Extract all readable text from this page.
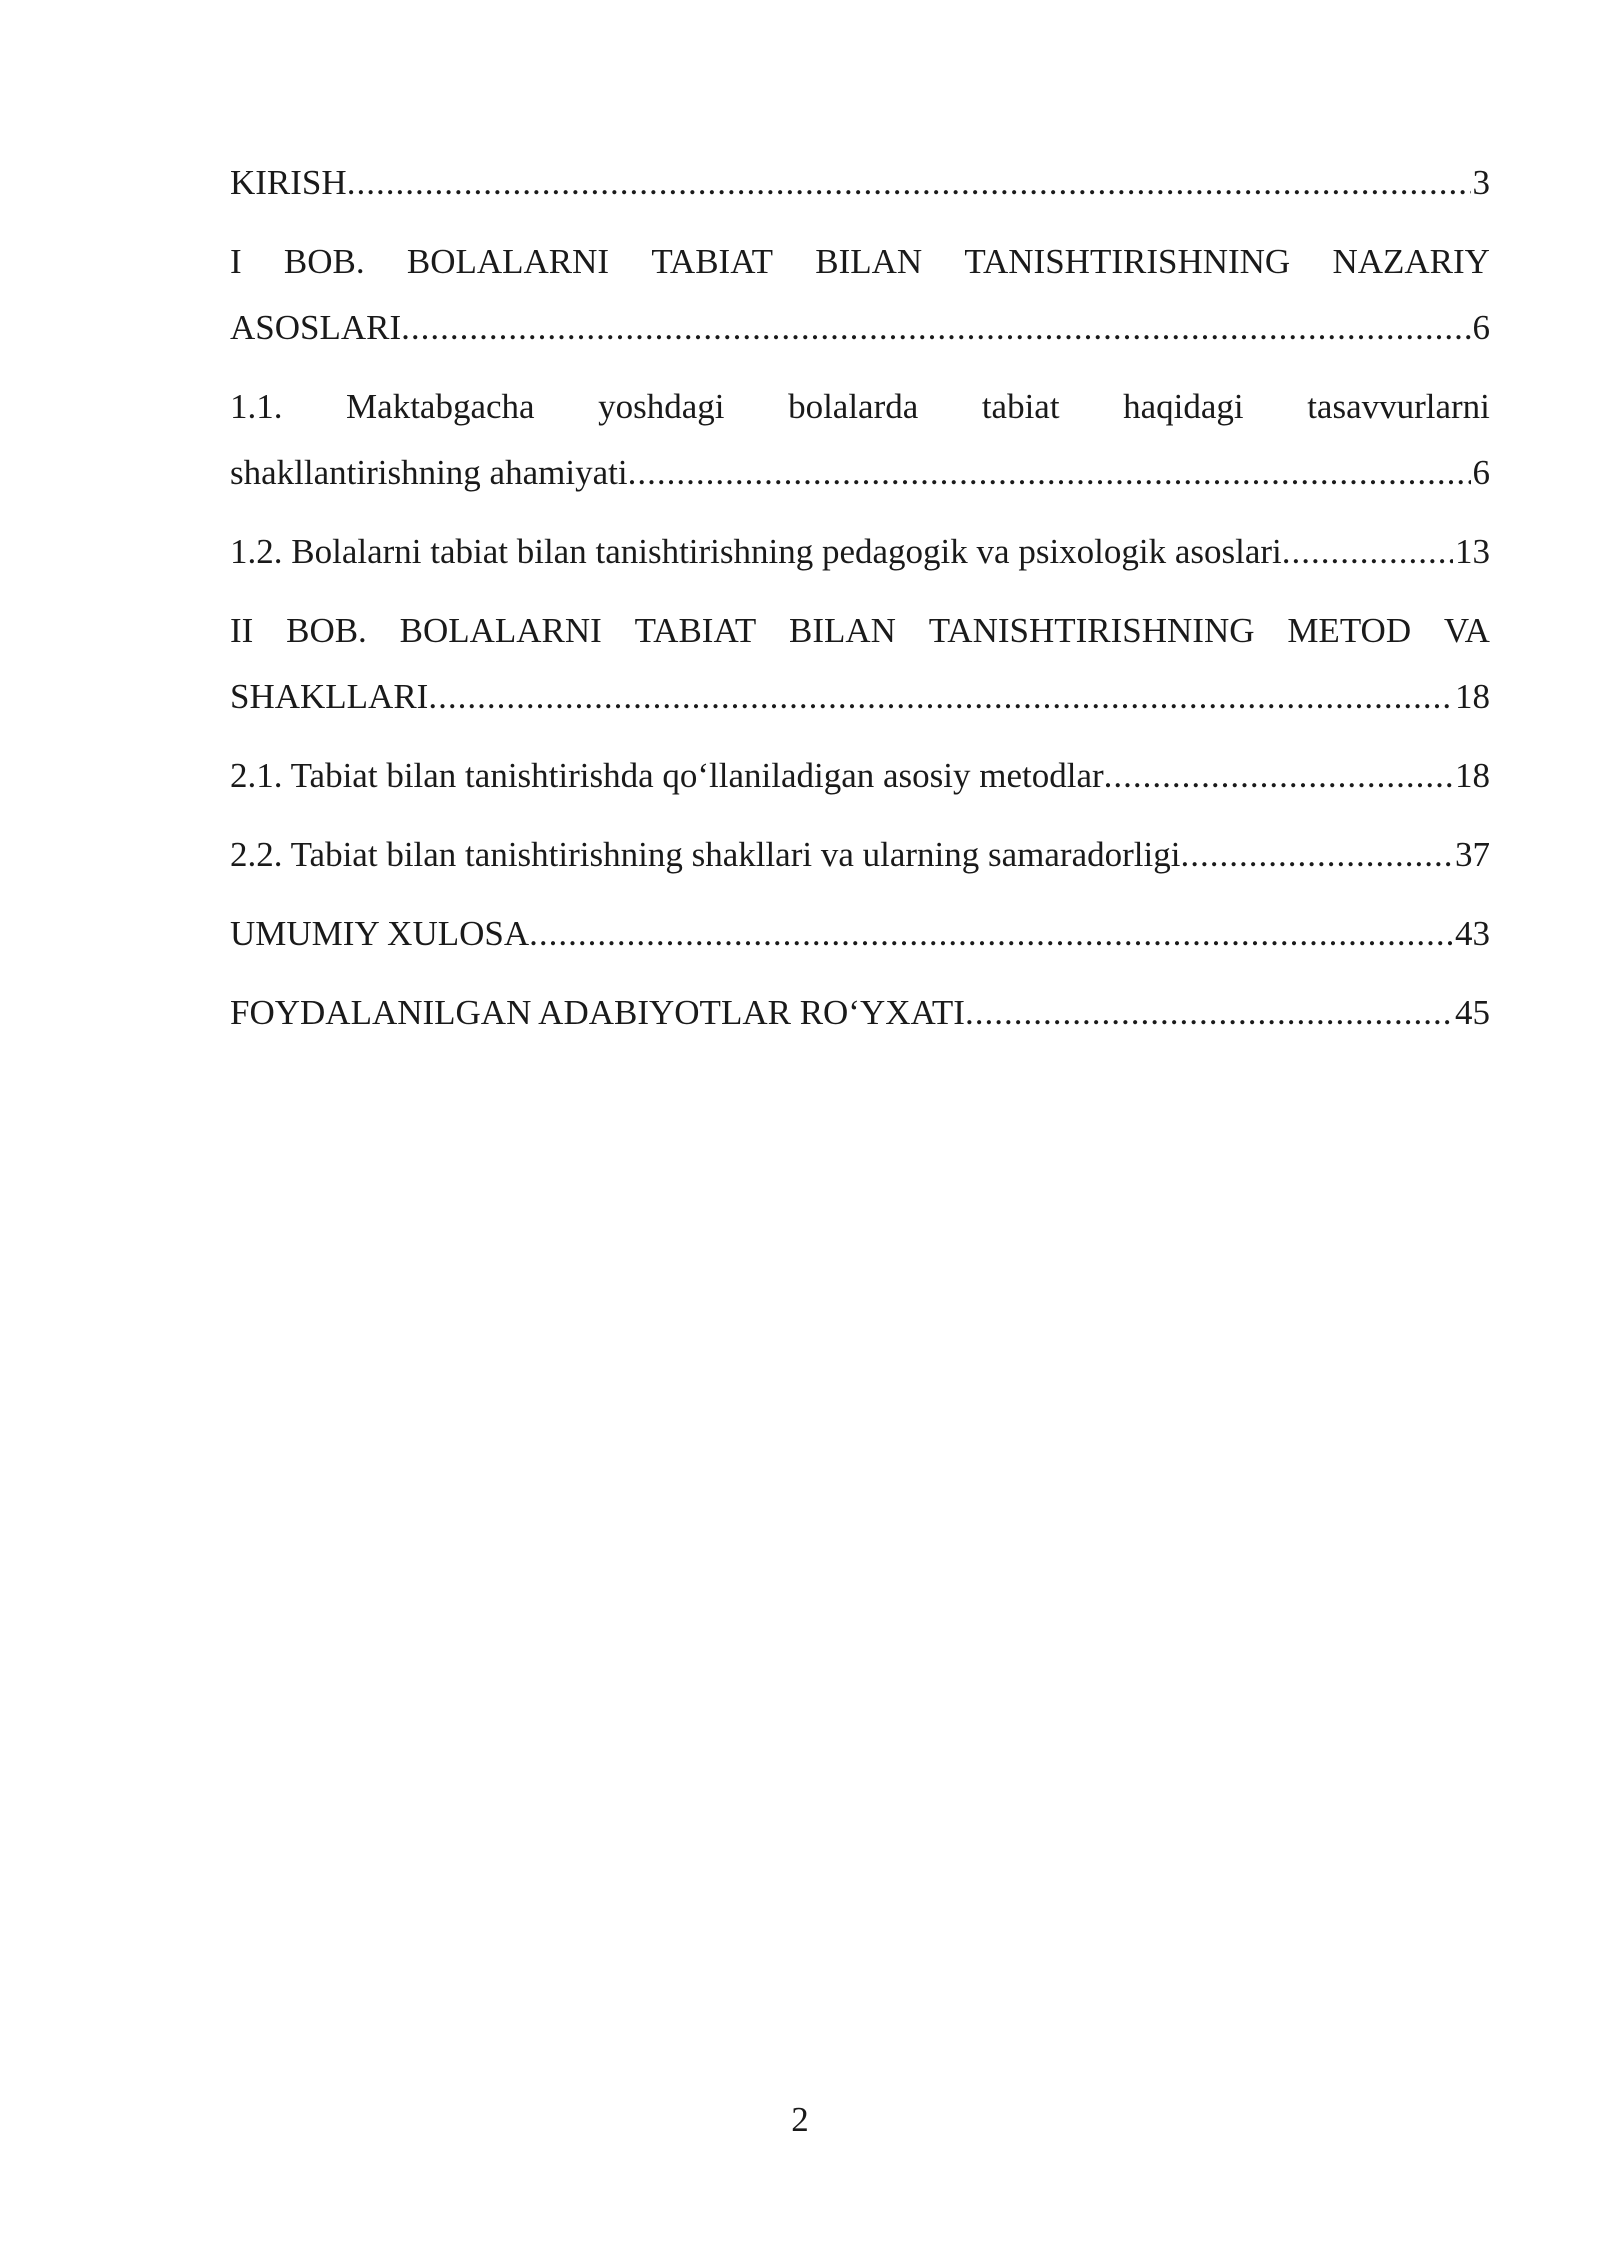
KIRISH .....	3
I BOB. BOLALARNI TABIAT BILAN TANISHTIRISHNING NAZARIY
ASOSLARI .....	6
1.1. Maktabgacha yoshdagi bolalarda tabiat haqidagi tasavvurlarni
shakllantirishning ahamiyati .....	6
1.2. Bolalarni tabiat bilan tanishtirishning pedagogik va psixologik asoslari .....	13
II BOB. BOLALARNI TABIAT BILAN TANISHTIRISHNING METOD VA
SHAKLLARI .....	18
2.1. Tabiat bilan tanishtirishda qo‘llaniladigan asosiy metodlar .....	18
2.2. Tabiat bilan tanishtirishning shakllari va ularning samaradorligi .....	37
UMUMIY XULOSA .....	43
FOYDALANILGAN ADABIYOTLAR RO‘YXATI .....	45
2
